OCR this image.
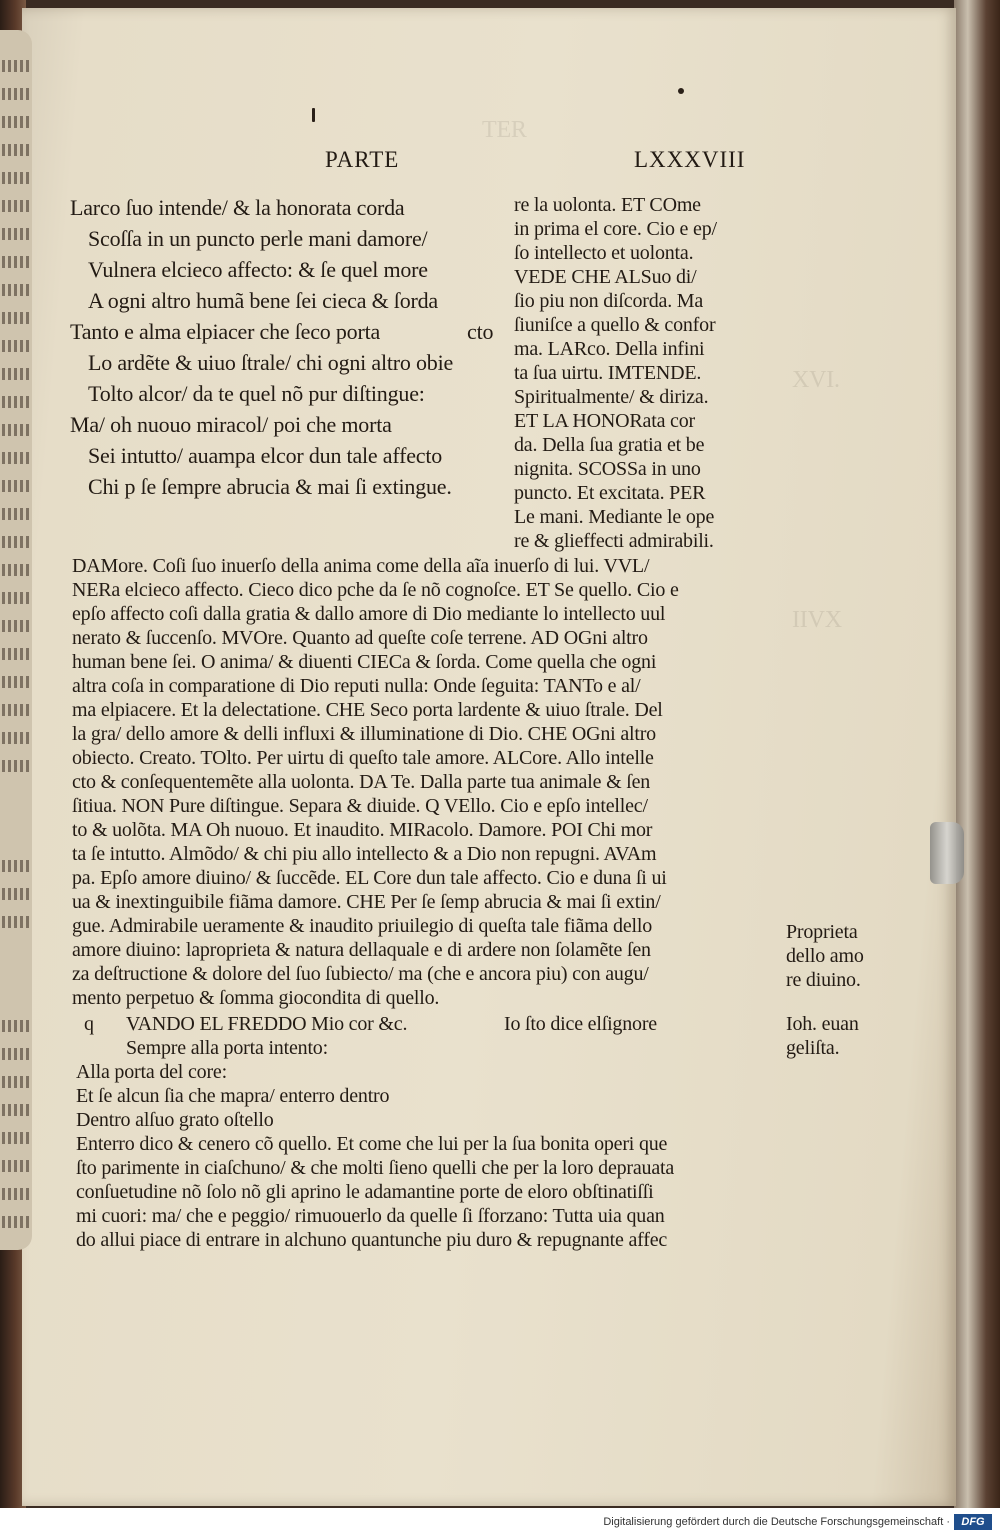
TER
XVI.
IIVX
PARTE	LXXXVIII
Larco ſuo intende/ & la honorata corda
Scoſſa in un puncto perle mani damore/
Vulnera elcieco affecto: & ſe quel more
A ogni altro humã bene ſei cieca & ſorda
Tanto e alma elpiacer che ſeco porta	cto
Lo ardẽte & uiuo ſtrale/ chi ogni altro obie
Tolto alcor/ da te quel nõ pur diſtingue:
Ma/ oh nuouo miracol/ poi che morta
Sei intutto/ auampa elcor dun tale affecto
Chi p ſe ſempre abrucia & mai ſi extingue.
re la uolonta. ET COme
in prima el core. Cio e ep/
ſo intellecto et uolonta.
VEDE CHE ALSuo di/
ſio piu non diſcorda. Ma
ſiuniſce a quello & confor
ma. LARco. Della infini
ta ſua uirtu. IMTENDE.
Spiritualmente/ & diriza.
ET LA HONORata cor
da. Della ſua gratia et be
nignita. SCOSSa in uno
puncto. Et excitata. PER
Le mani. Mediante le ope
re & glieffecti admirabili.
DAMore. Coſi ſuo inuerſo della anima come della aĩa inuerſo di lui. VVL/
NERa elcieco affecto. Cieco dico pche da ſe nõ cognoſce. ET Se quello. Cio e
epſo affecto coſi dalla gratia & dallo amore di Dio mediante lo intellecto uul
nerato & ſuccenſo. MVOre. Quanto ad queſte coſe terrene. AD OGni altro
human bene ſei. O anima/ & diuenti CIECa & ſorda. Come quella che ogni
altra coſa in comparatione di Dio reputi nulla: Onde ſeguita: TANTo e al/
ma elpiacere. Et la delectatione. CHE Seco porta lardente & uiuo ſtrale. Del
la gra/ dello amore & delli influxi & illuminatione di Dio. CHE OGni altro
obiecto. Creato. TOlto. Per uirtu di queſto tale amore. ALCore. Allo intelle
cto & conſequentemẽte alla uolonta. DA Te. Dalla parte tua animale & ſen
ſitiua. NON Pure diſtingue. Separa & diuide. Q VEllo. Cio e epſo intellec/
to & uolõta. MA Oh nuouo. Et inaudito. MIRacolo. Damore. POI Chi mor
ta ſe intutto. Almõdo/ & chi piu allo intellecto & a Dio non repugni. AVAm
pa. Epſo amore diuino/ & ſuccẽde. EL Core dun tale affecto. Cio e duna ſi ui
ua & inextinguibile fiãma damore. CHE Per ſe ſemp abrucia & mai ſi extin/
gue. Admirabile ueramente & inaudito priuilegio di queſta tale fiãma dello
amore diuino: laproprieta & natura dellaquale e di ardere non ſolamẽte ſen
za deſtructione & dolore del ſuo ſubiecto/ ma (che e ancora piu) con augu/
mento perpetuo & ſomma giocondita di quello.
q VANDO EL FREDDO Mio cor &c.	Io ſto dice elſignore
Sempre alla porta intento:
Alla porta del core:
Et ſe alcun ſia che mapra/ enterro dentro
Dentro alſuo grato oſtello
Enterro dico & cenero cõ quello. Et come che lui per la ſua bonita operi que
ſto parimente in ciaſchuno/ & che molti ſieno quelli che per la loro deprauata
conſuetudine nõ ſolo nõ gli aprino le adamantine porte de eloro obſtinatiſſi
mi cuori: ma/ che e peggio/ rimuouerlo da quelle ſi ſforzano: Tutta uia quan
do allui piace di entrare in alchuno quantunche piu duro & repugnante affec
Proprieta
dello amo
re diuino.
Ioh. euan
geliſta.
Digitalisierung gefördert durch die Deutsche Forschungsgemeinschaft ·	DFG
